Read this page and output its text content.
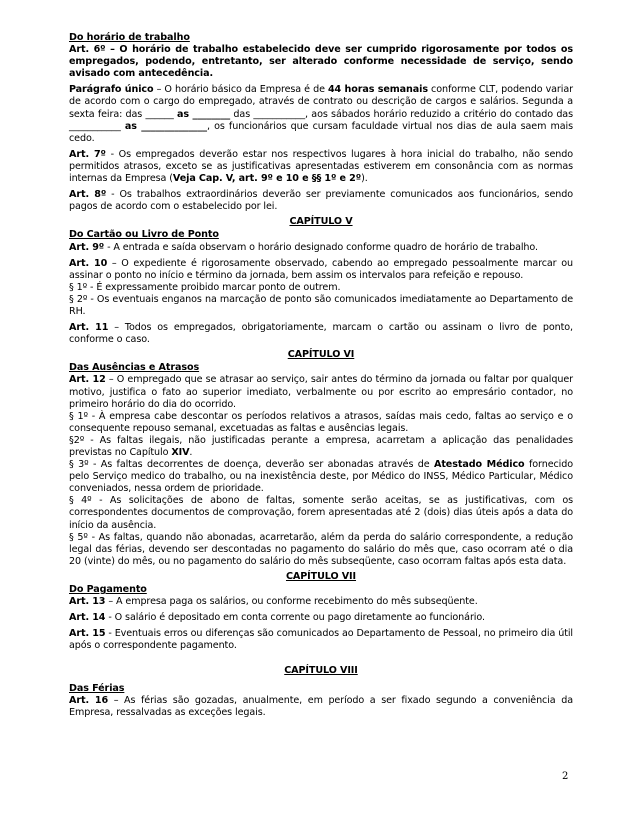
Do horário de trabalho

Art. 6º – O horário de trabalho estabelecido deve ser cumprido rigorosamente por todos os empregados, podendo, entretanto, ser alterado conforme necessidade de serviço, sendo avisado com antecedência.

Parágrafo único – O horário básico da Empresa é de 44 horas semanais conforme CLT, podendo variar de acordo com o cargo do empregado, através de contrato ou descrição de cargos e salários. Segunda a sexta feira: das ______ as ________ das ___________, aos sábados horário reduzido a critério do contado das ___________ as ______________, os funcionários que cursam faculdade virtual nos dias de aula saem mais cedo.

Art. 7º - Os empregados deverão estar nos respectivos lugares à hora inicial do trabalho, não sendo permitidos atrasos, exceto se as justificativas apresentadas estiverem em consonância com as normas internas da Empresa (Veja Cap. V, art. 9º e 10 e §§ 1º e 2º).

Art. 8º - Os trabalhos extraordinários deverão ser previamente comunicados aos funcionários, sendo pagos de acordo com o estabelecido por lei.

CAPÍTULO V

Do Cartão ou Livro de Ponto

Art. 9º - A entrada e saída observam o horário designado conforme quadro de horário de trabalho.

Art. 10 – O expediente é rigorosamente observado, cabendo ao empregado pessoalmente marcar ou assinar o ponto no início e término da jornada, bem assim os intervalos para refeição e repouso.

§ 1º - É expressamente proibido marcar ponto de outrem.

§ 2º - Os eventuais enganos na marcação de ponto são comunicados imediatamente ao Departamento de RH.

Art. 11 – Todos os empregados, obrigatoriamente, marcam o cartão ou assinam o livro de ponto, conforme o caso.

CAPÍTULO VI

Das Ausências e Atrasos

Art. 12 – O empregado que se atrasar ao serviço, sair antes do término da jornada ou faltar por qualquer motivo, justifica o fato ao superior imediato, verbalmente ou por escrito ao empresário contador, no primeiro horário do dia do ocorrido.

§ 1º - À empresa cabe descontar os períodos relativos a atrasos, saídas mais cedo, faltas ao serviço e o consequente repouso semanal, excetuadas as faltas e ausências legais.

§2º - As faltas ilegais, não justificadas perante a empresa, acarretam a aplicação das penalidades previstas no Capítulo XIV.

§ 3º - As faltas decorrentes de doença, deverão ser abonadas através de Atestado Médico fornecido pelo Serviço medico do trabalho, ou na inexistência deste, por Médico do INSS, Médico Particular, Médico conveniados, nessa ordem de prioridade.

§ 4º - As solicitações de abono de faltas, somente serão aceitas, se as justificativas, com os correspondentes documentos de comprovação, forem apresentadas até 2 (dois) dias úteis após a data do início da ausência.

§ 5º - As faltas, quando não abonadas, acarretarão, além da perda do salário correspondente, a redução legal das férias, devendo ser descontadas no pagamento do salário do mês que, caso ocorram até o dia 20 (vinte) do mês, ou no pagamento do salário do mês subseqüente, caso ocorram faltas após esta data.

CAPÍTULO VII

Do Pagamento

Art. 13 – A empresa paga os salários, ou conforme recebimento do mês subseqüente.

Art. 14 - O salário é depositado em conta corrente ou pago diretamente ao funcionário.

Art. 15 - Eventuais erros ou diferenças são comunicados ao Departamento de Pessoal, no primeiro dia útil após o correspondente pagamento.

CAPÍTULO VIII

Das Férias

Art. 16 – As férias são gozadas, anualmente, em período a ser fixado segundo a conveniência da Empresa, ressalvadas as exceções legais.

2
